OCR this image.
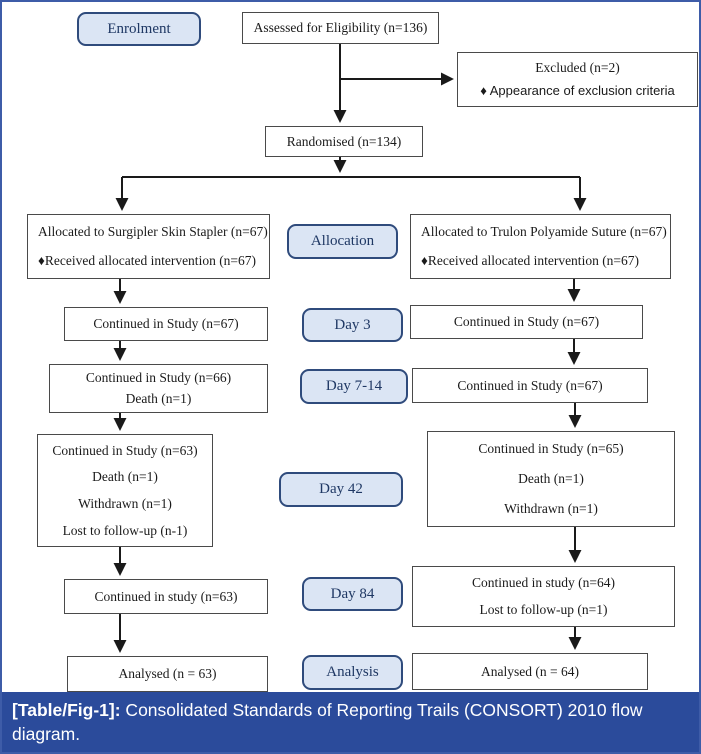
Enrolment
Allocation
Day 3
Day 7-14
Day 42
Day 84
Analysis
Assessed for Eligibility (n=136)
Excluded (n=2)
♦ Appearance of exclusion criteria
Randomised (n=134)
Allocated to Surgipler Skin Stapler (n=67)
♦Received allocated intervention (n=67)
Allocated to Trulon Polyamide Suture (n=67)
♦Received allocated intervention (n=67)
Continued in Study (n=67)	Continued in Study (n=67)
Continued in Study (n=66)
Death (n=1)
Continued in Study (n=67)
Continued in Study (n=63)
Death (n=1)
Withdrawn (n=1)
Lost to follow-up (n-1)
Continued in Study (n=65)
Death (n=1)
Withdrawn (n=1)
Continued in study (n=63)
Continued in study (n=64)
Lost to follow-up (n=1)
Analysed (n = 63)	Analysed (n = 64)
[Table/Fig-1]: Consolidated Standards of Reporting Trails (CONSORT) 2010 flow diagram.
